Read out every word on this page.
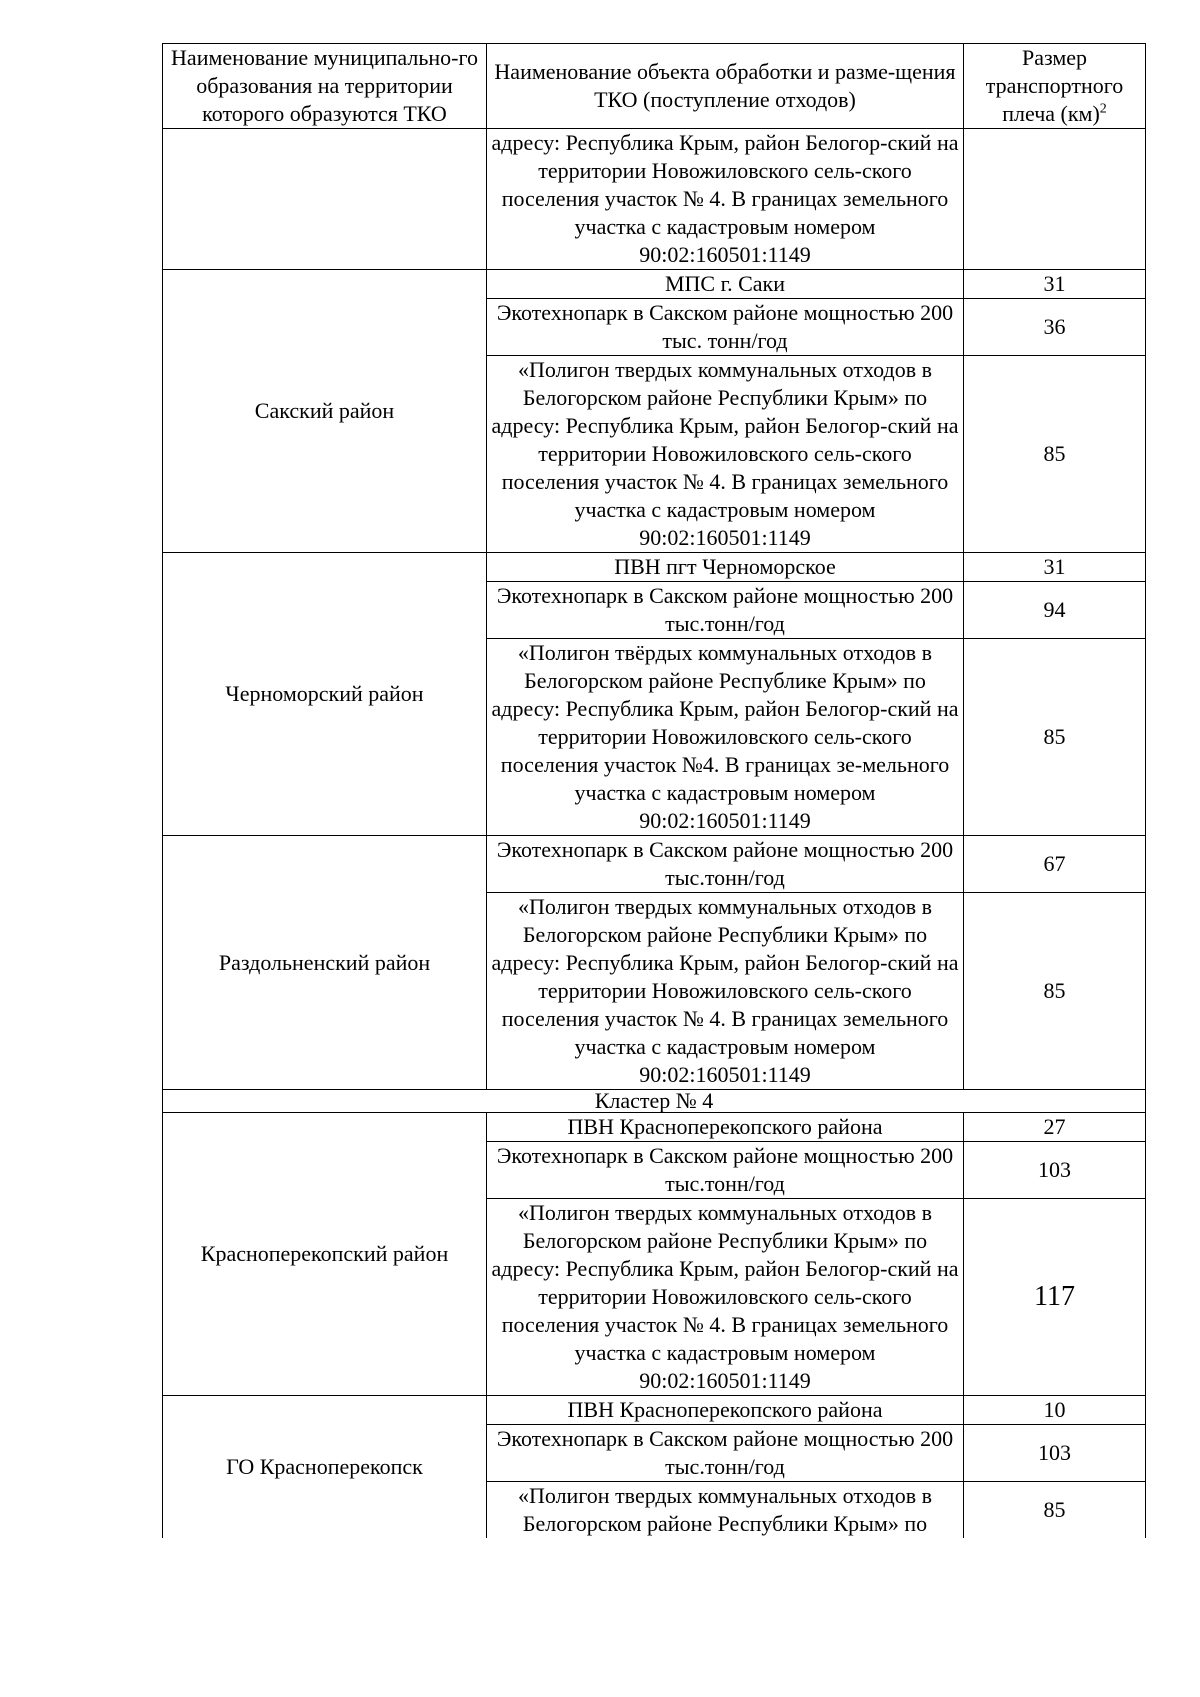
Наименование муниципально-го образования на территории которого образуются ТКО	Наименование объекта обработки и разме-щения ТКО (поступление отходов)	Размер транспортного плеча (км)$^2$
	адресу: Республика Крым, район Белогор-ский на территории Новожиловского сель-ского поселения участок № 4. В границах земельного участка с кадастровым номером 90:02:160501:1149	
Сакский район	МПС г. Саки	31
	Экотехнопарк в Сакском районе мощностью 200 тыс. тонн/год	36
	«Полигон твердых коммунальных отходов в Белогорском районе Республики Крым» по адресу: Республика Крым, район Белогор-ский на территории Новожиловского сель-ского поселения участок № 4. В границах земельного участка с кадастровым номером 90:02:160501:1149	85
Черноморский район	ПВН пгт Черноморское	31
	Экотехнопарк в Сакском районе мощностью 200 тыс.тонн/год	94
	«Полигон твёрдых коммунальных отходов в Белогорском районе Республике Крым» по адресу: Республика Крым, район Белогор-ский на территории Новожиловского сель-ского поселения участок №4. В границах зе-мельного участка с кадастровым номером 90:02:160501:1149	85
Раздольненский район	Экотехнопарк в Сакском районе мощностью 200 тыс.тонн/год	67
	«Полигон твердых коммунальных отходов в Белогорском районе Республики Крым» по адресу: Республика Крым, район Белогор-ский на территории Новожиловского сель-ского поселения участок № 4. В границах земельного участка с кадастровым номером 90:02:160501:1149	85
Кластер № 4		
Красноперекопский район	ПВН Красноперекопского района	27
	Экотехнопарк в Сакском районе мощностью 200 тыс.тонн/год	103
	«Полигон твердых коммунальных отходов в Белогорском районе Республики Крым» по адресу: Республика Крым, район Белогор-ский на территории Новожиловского сель-ского поселения участок № 4. В границах земельного участка с кадастровым номером 90:02:160501:1149	117
ГО Красноперекопск	ПВН Красноперекопского района	10
	Экотехнопарк в Сакском районе мощностью 200 тыс.тонн/год	103
	«Полигон твердых коммунальных отходов в Белогорском районе Республики Крым» по	85
